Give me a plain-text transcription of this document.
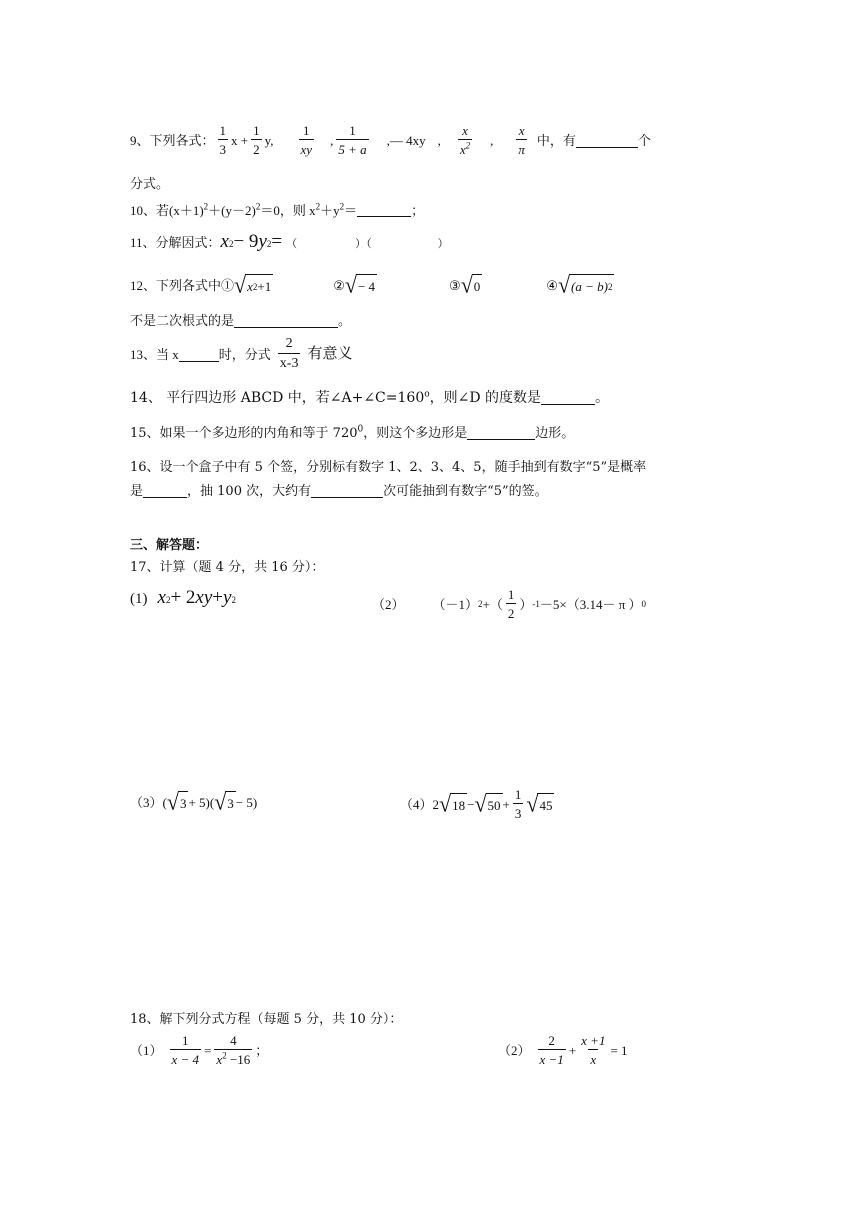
9、下列各式： $\frac{1}{3}$ $x + \frac{1}{2} y$, $\frac{1}{xy}$ , $\frac{1}{5 + a}$ ,— 4xy , $\frac{x}{x^2}$ , $\frac{x}{\pi}$ 中，有	个
分式。
10、若$(x+1)^2+(y-2)^2=0$，则 $x^2+y^2=$	；
11、分解因式： x 2 − 9 y 2 = （	）（	）
12、下列各式中① √ x 2 +1	② √ − 4	③ √ 0	④ √ (a − b) 2
不是二次根式的是	。
13、当 x	时，分式 $\frac{2}{x-3}$ 有意义
14、 平行四边形 ABCD 中，若$\angle A+\angle C=160^o$，则∠D 的度数是	。
15、如果一个多边形的内角和等于 $720^0$，则这个多边形是	边形。
16、设一个盒子中有 5 个签，分别标有数字 1、2、3、4、5，随手抽到有数字“5”是概率
是	，抽 100 次，大约有	次可能抽到有数字“5”的签。
三、解答题：
17、计算（题 4 分，共 16 分）：
(1) x 2 + 2 xy + y 2	（2） （－1） 2 +（ $\frac{1}{2}$ ） -1 －5×（3.14－ π ） 0
（3） ( √ 3 + 5)( √ 3 − 5)	（4） 2 √ 18 − √ $50 + \frac{1}{3}$ √ 45
18、解下列分式方程（每题 5 分，共 10 分）：
$(1) \frac{1}{x - 4} = \frac{4}{x^2 -16}$ ；	$(2) \frac{2}{x -1} + \frac{x +1}{x} = 1$
